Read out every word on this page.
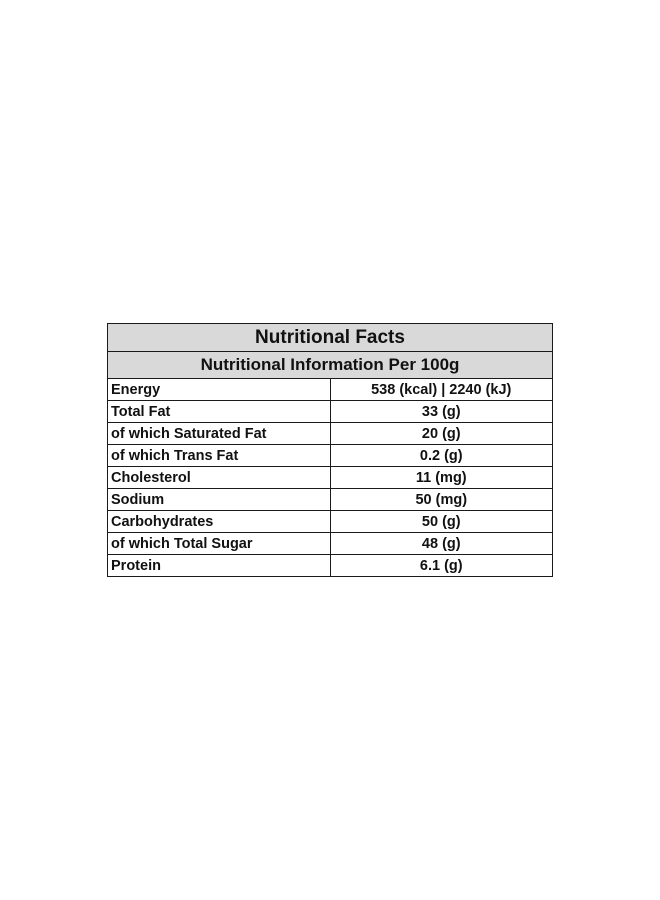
Nutritional Facts	
Nutritional Information Per 100g	
Energy	538 (kcal) | 2240 (kJ)
Total Fat	33 (g)
of which Saturated Fat	20 (g)
of which Trans Fat	0.2 (g)
Cholesterol	11 (mg)
Sodium	50 (mg)
Carbohydrates	50 (g)
of which Total Sugar	48 (g)
Protein	6.1 (g)
